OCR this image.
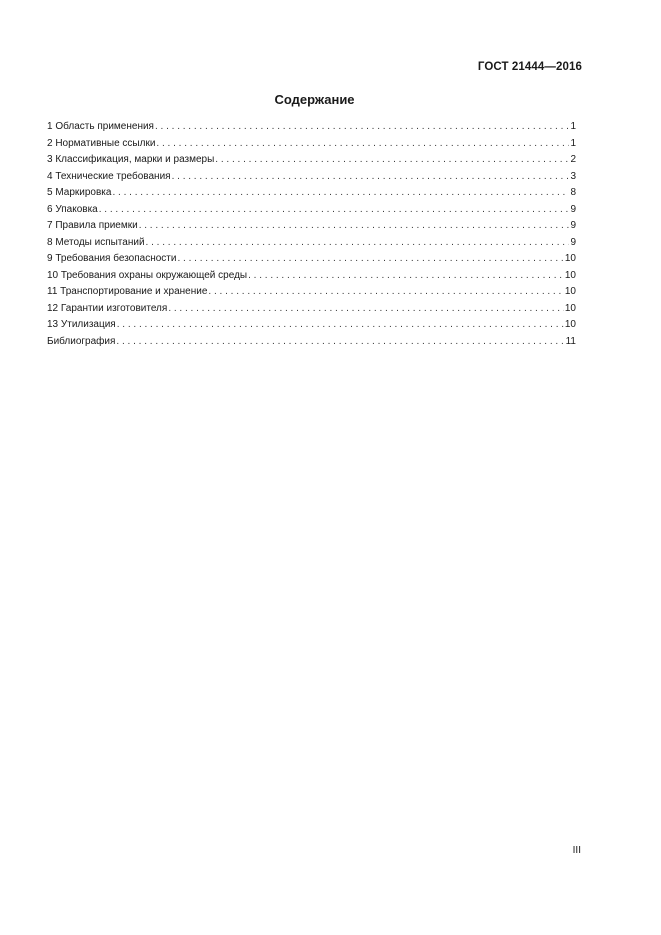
ГОСТ 21444—2016
Содержание
1 Область применения . . .	1
2 Нормативные ссылки . . .	1
3 Классификация, марки и размеры . . .	2
4 Технические требования . . .	3
5 Маркировка . . .	8
6 Упаковка . . .	9
7 Правила приемки . . .	9
8 Методы испытаний . . .	9
9 Требования безопасности . . .	10
10 Требования охраны окружающей среды . . .	10
11 Транспортирование и хранение . . .	10
12 Гарантии изготовителя . . .	10
13 Утилизация . . .	10
Библиография . . .	11
III
